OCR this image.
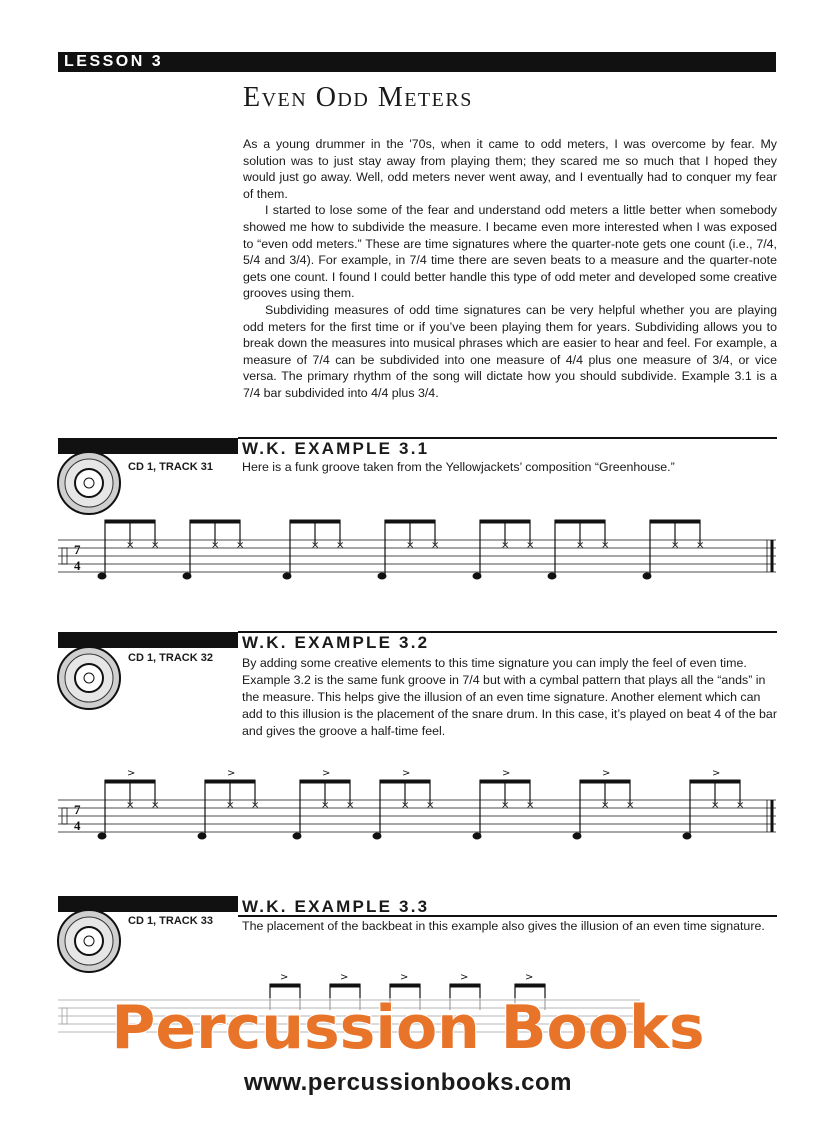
LESSON 3
Even Odd Meters

As a young drummer in the '70s, when it came to odd meters, I was overcome by fear. My solution was to just stay away from playing them; they scared me so much that I hoped they would just go away. Well, odd meters never went away, and I eventually had to conquer my fear of them.

I started to lose some of the fear and understand odd meters a little better when somebody showed me how to subdivide the measure. I became even more interested when I was exposed to “even odd meters.” These are time signatures where the quarter-note gets one count (i.e., 7/4, 5/4 and 3/4). For example, in 7/4 time there are seven beats to a measure and the quarter-note gets one count. I found I could better handle this type of odd meter and developed some creative grooves using them.

Subdividing measures of odd time signatures can be very helpful whether you are playing odd meters for the first time or if you’ve been playing them for years. Subdividing allows you to break down the measures into musical phrases which are easier to hear and feel. For example, a measure of 7/4 can be subdivided into one measure of 4/4 plus one measure of 3/4, or vice versa. The primary rhythm of the song will dictate how you should subdivide. Example 3.1 is a 7/4 bar subdivided into 4/4 plus 3/4.

W.K. EXAMPLE 3.1
Here is a funk groove taken from the Yellowjackets’ composition “Greenhouse.”
CD 1, TRACK 31
W.K. EXAMPLE 3.2
By adding some creative elements to this time signature you can imply the feel of even time. Example 3.2 is the same funk groove in 7/4 but with a cymbal pattern that plays all the “ands” in the measure. This helps give the illusion of an even time signature. Another element which can add to this illusion is the placement of the snare drum. In this case, it’s played on beat 4 of the bar and gives the groove a half-time feel.
CD 1, TRACK 32
W.K. EXAMPLE 3.3
The placement of the backbeat in this example also gives the illusion of an even time signature.
CD 1, TRACK 33
7
4
7
4
× ×	× ×	× ×	× ×	× ×	× ×	× ×
× ×
>
× ×
>
× ×
>
× ×
>
× ×
>
× ×
>
× ×
>
>	>	>	>	>
Percussion Books
www.percussionbooks.com
